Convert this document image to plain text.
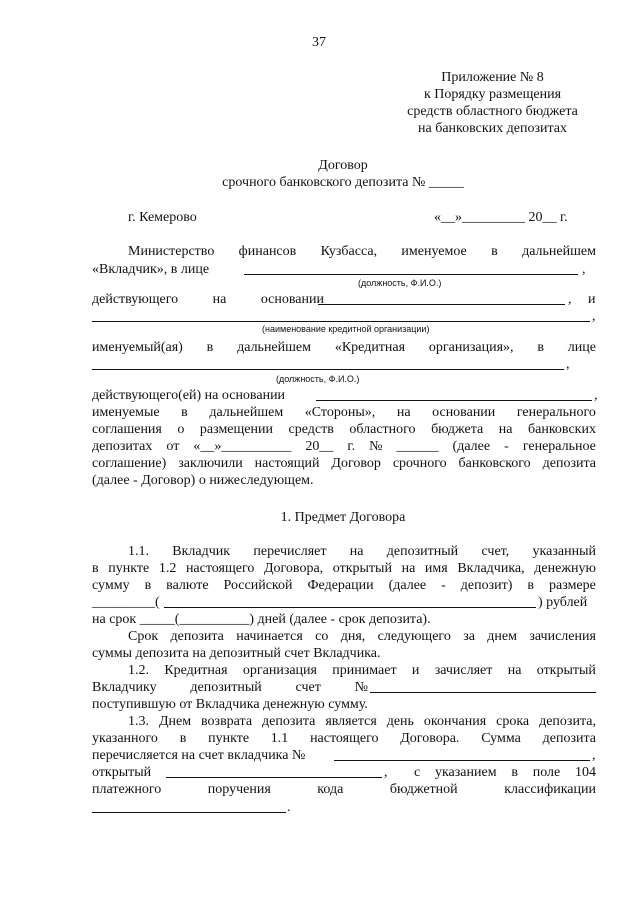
37
Приложение № 8
к Порядку размещения
средств областного бюджета
на банковских депозитах
Договор
срочного банковского депозита № _____
г. Кемерово	«__»_________ 20__ г.
Министерство финансов Кузбасса, именуемое в дальнейшем
«Вкладчик», в лице	,
(должность, Ф.И.О.)
действующего на основании	, и
,
(наименование кредитной организации)
именуемый(ая) в дальнейшем «Кредитная организация», в лице
,
(должность, Ф.И.О.)
действующего(ей) на основании	,
именуемые в дальнейшем «Стороны», на основании генерального
соглашения о размещении средств областного бюджета на банковских
депозитах от «__»__________ 20__ г. № ______ (далее - генеральное
соглашение) заключили настоящий Договор срочного банковского депозита
(далее - Договор) о нижеследующем.
1. Предмет Договора
1.1. Вкладчик перечисляет на депозитный счет, указанный
в пункте 1.2 настоящего Договора, открытый на имя Вкладчика, денежную
сумму в валюте Российской Федерации (далее - депозит) в размере
_________(	) рублей
на срок _____(__________) дней (далее - срок депозита).
Срок депозита начинается со дня, следующего за днем зачисления
суммы депозита на депозитный счет Вкладчика.
1.2. Кредитная организация принимает и зачисляет на открытый
Вкладчику депозитный счет №
поступившую от Вкладчика денежную сумму.
1.3. Днем возврата депозита является день окончания срока депозита,
указанного в пункте 1.1 настоящего Договора. Сумма депозита
перечисляется на счет вкладчика №	,
открытый	, с указанием в поле 104
платежного	поручения	кода	бюджетной	классификации
.
